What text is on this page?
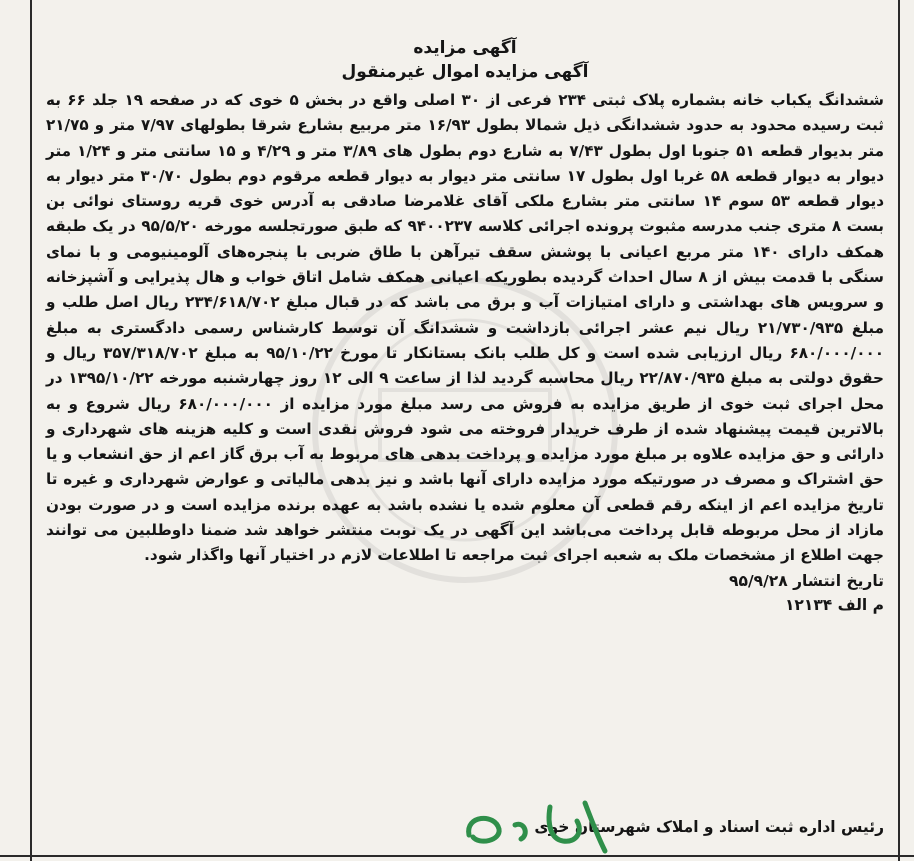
آگهی مزایده

آگهی مزایده اموال غیرمنقول

ششدانگ یکباب خانه بشماره پلاک ثبتی ۲۳۴ فرعی از ۳۰ اصلی واقع در بخش ۵ خوی که در صفحه ۱۹ جلد ۶۶ به ثبت رسیده محدود به حدود ششدانگی ذیل شمالا بطول ۱۶/۹۳ متر مربیع بشارع شرقا بطولهای ۷/۹۷ متر و ۲۱/۷۵ متر بدیوار قطعه ۵۱ جنوبا اول بطول ۷/۴۳ به شارع دوم بطول های ۳/۸۹ متر و ۴/۲۹ و ۱۵ سانتی متر و ۱/۲۴ متر دیوار به دیوار قطعه ۵۸ غربا اول بطول ۱۷ سانتی متر دیوار به دیوار قطعه مرقوم دوم بطول ۳۰/۷۰ متر دیوار به دیوار قطعه ۵۳ سوم ۱۴ سانتی متر بشارع ملکی آقای غلامرضا صادقی به آدرس خوی قریه روستای نوائی بن بست ۸ متری جنب مدرسه مثبوت پرونده اجرائی کلاسه ۹۴۰۰۲۳۷ که طبق صورتجلسه مورخه ۹۵/۵/۲۰ در یک طبقه همکف دارای ۱۴۰ متر مربع اعیانی با پوشش سقف تیرآهن با طاق ضربی با پنجره‌های آلومینیومی و با نمای سنگی با قدمت بیش از ۸ سال احداث گردیده بطوریکه اعیانی همکف شامل اتاق خواب و هال پذیرایی و آشپزخانه و سرویس های بهداشتی و دارای امتیازات آب و برق می باشد که در قبال مبلغ ۲۳۴/۶۱۸/۷۰۲ ریال اصل طلب و مبلغ ۲۱/۷۳۰/۹۳۵ ریال نیم عشر اجرائی بازداشت و ششدانگ آن توسط کارشناس رسمی دادگستری به مبلغ ۶۸۰/۰۰۰/۰۰۰ ریال ارزیابی شده است و کل طلب بانک بستانکار تا مورخ ۹۵/۱۰/۲۲ به مبلغ ۳۵۷/۳۱۸/۷۰۲ ریال و حقوق دولتی به مبلغ ۲۲/۸۷۰/۹۳۵ ریال محاسبه گردید لذا از ساعت ۹ الی ۱۲ روز چهارشنبه مورخه ۱۳۹۵/۱۰/۲۲ در محل اجرای ثبت خوی از طریق مزایده به فروش می رسد مبلغ مورد مزایده از ۶۸۰/۰۰۰/۰۰۰ ریال شروع و به بالاترین قیمت پیشنهاد شده از طرف خریدار فروخته می شود فروش نقدی است و کلیه هزینه های شهرداری و دارائی و حق مزایده علاوه بر مبلغ مورد مزایده و پرداخت بدهی های مربوط به آب برق گاز اعم از حق انشعاب و یا حق اشتراک و مصرف در صورتیکه مورد مزایده دارای آنها باشد و نیز بدهی مالیاتی و عوارض شهرداری و غیره تا تاریخ مزایده اعم از اینکه رقم قطعی آن معلوم شده یا نشده باشد به عهده برنده مزایده است و در صورت بودن مازاد از محل مربوطه قابل پرداخت می‌باشد این آگهی در یک نوبت منتشر خواهد شد ضمنا داوطلبین می توانند جهت اطلاع از مشخصات ملک به شعبه اجرای ثبت مراجعه تا اطلاعات لازم در اختیار آنها واگذار شود.

تاریخ انتشار ۹۵/۹/۲۸

م الف ۱۲۱۳۴

رئیس اداره ثبت اسناد و املاک شهرستان خوی
